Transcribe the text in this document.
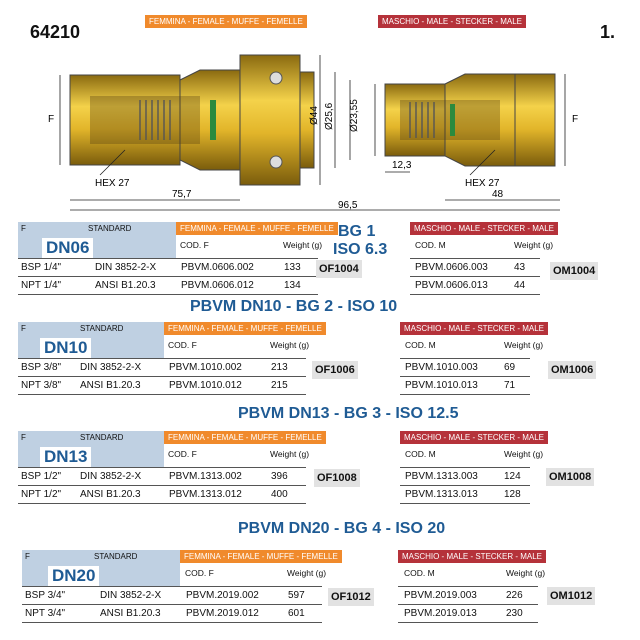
64210	1.
FEMMINA - FEMALE - MUFFE - FEMELLE	MASCHIO - MALE - STECKER - MALE
F	F
HEX 27	HEX 27
75,7
96,5
12,3
48
Ø44 Ø25,6 Ø23,55
BG 1
ISO 6.3
F	STANDARD
DN06
FEMMINA - FEMALE - MUFFE - FEMELLE
COD. F	Weight (g)
MASCHIO - MALE - STECKER - MALE
COD. M	Weight (g)
BSP 1/4"	DIN 3852-2-X PBVM.0606.002	133	PBVM.0606.003	43
NPT 1/4"	ANSI B1.20.3	PBVM.0606.012	134	PBVM.0606.013	44
OF1004	OM1004
PBVM DN10 - BG 2 - ISO 10
F	STANDARD
DN10
FEMMINA - FEMALE - MUFFE - FEMELLE
COD. F	Weight (g)
MASCHIO - MALE - STECKER - MALE
COD. M	Weight (g)
BSP 3/8" DIN 3852-2-X	PBVM.1010.002	213	PBVM.1010.003	69
NPT 3/8" ANSI B1.20.3	PBVM.1010.012	215	PBVM.1010.013	71
OF1006	OM1006
PBVM DN13 - BG 3 - ISO 12.5
F	STANDARD
DN13
FEMMINA - FEMALE - MUFFE - FEMELLE
COD. F	Weight (g)
MASCHIO - MALE - STECKER - MALE
COD. M	Weight (g)
BSP 1/2" DIN 3852-2-X	PBVM.1313.002	396	PBVM.1313.003	124
NPT 1/2" ANSI B1.20.3	PBVM.1313.012	400	PBVM.1313.013	128
OF1008	OM1008
PBVM DN20 - BG 4 - ISO 20
F	STANDARD
DN20
FEMMINA - FEMALE - MUFFE - FEMELLE
COD. F	Weight (g)
MASCHIO - MALE - STECKER - MALE
COD. M	Weight (g)
BSP 3/4"	DIN 3852-2-X PBVM.2019.002	597	PBVM.2019.003	226
NPT 3/4"	ANSI B1.20.3	PBVM.2019.012	601	PBVM.2019.013	230
OF1012	OM1012
